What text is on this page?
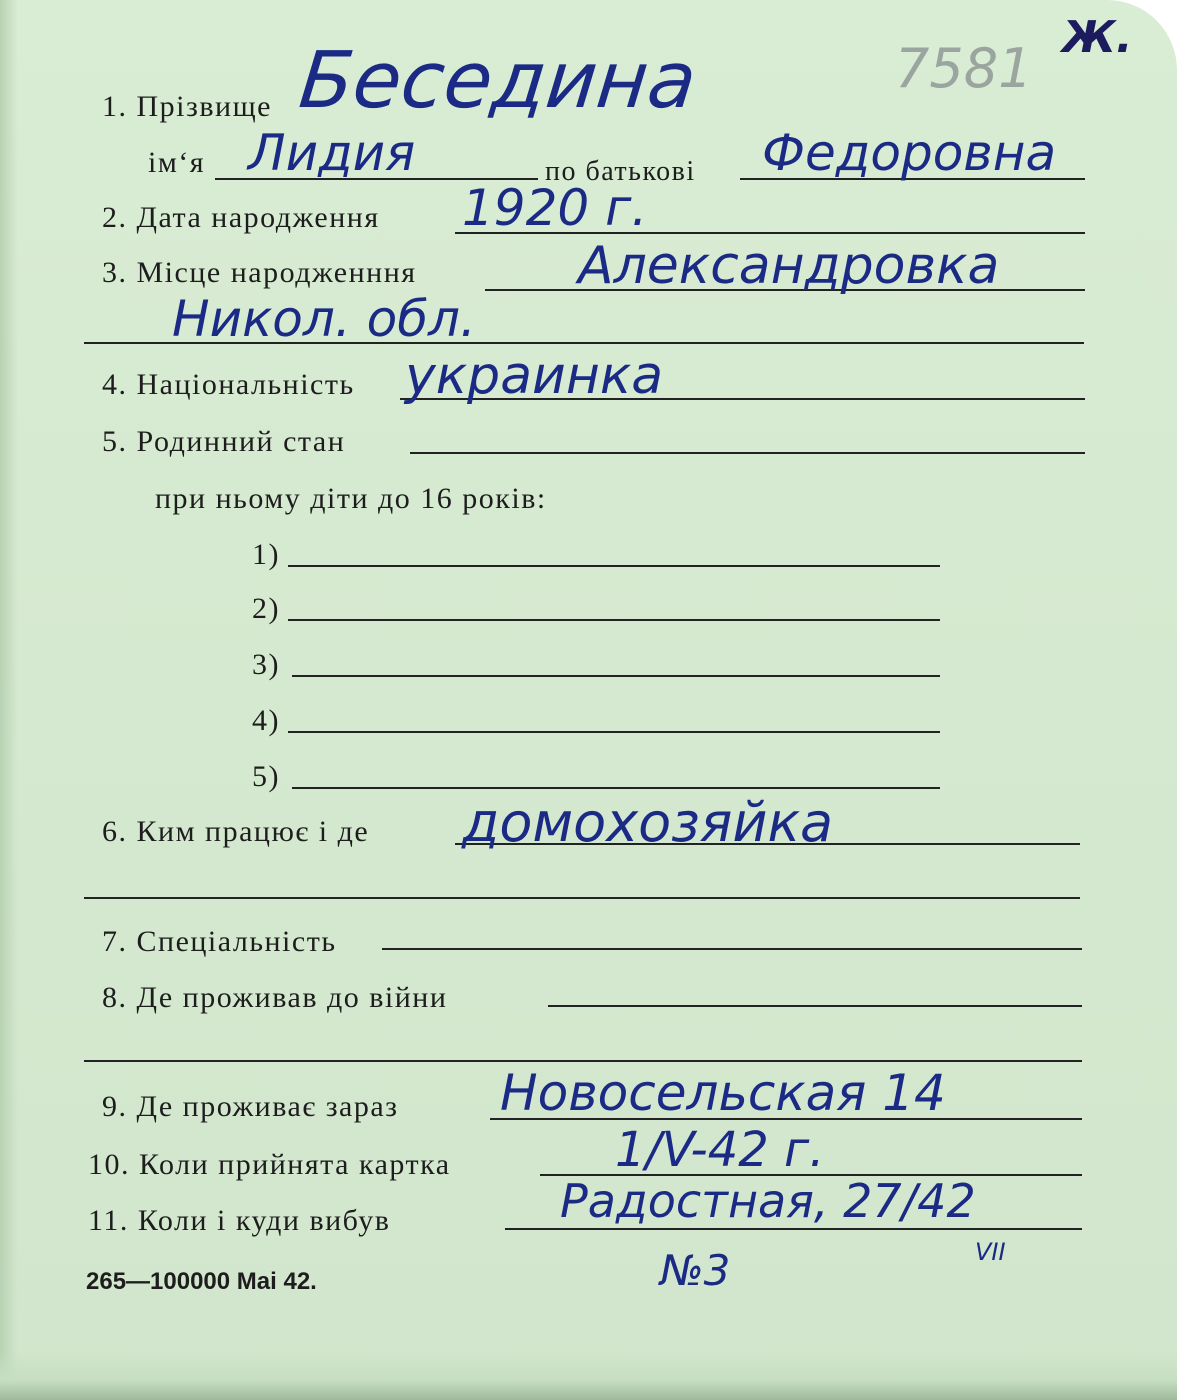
Ж.
7581
1. Прізвище Беседина
ім‘я Лидия	по батькові Федоровна
2. Дата народження 1920 г.
3. Місце народженння	Александровка
Никол. обл.
4. Національність украинка
5. Родинний стан
при ньому діти до 16 років:
1)
2)
3)
4)
5)
6. Ким працює і де домохозяйка
7. Спеціальність
8. Де проживав до війни
9. Де проживає зараз Новосельская 14
10. Коли прийнята картка	1/V-42 г.
11. Коли і куди вибув	Радостная, 27/42
VII
№3
265—100000 Mai 42.
